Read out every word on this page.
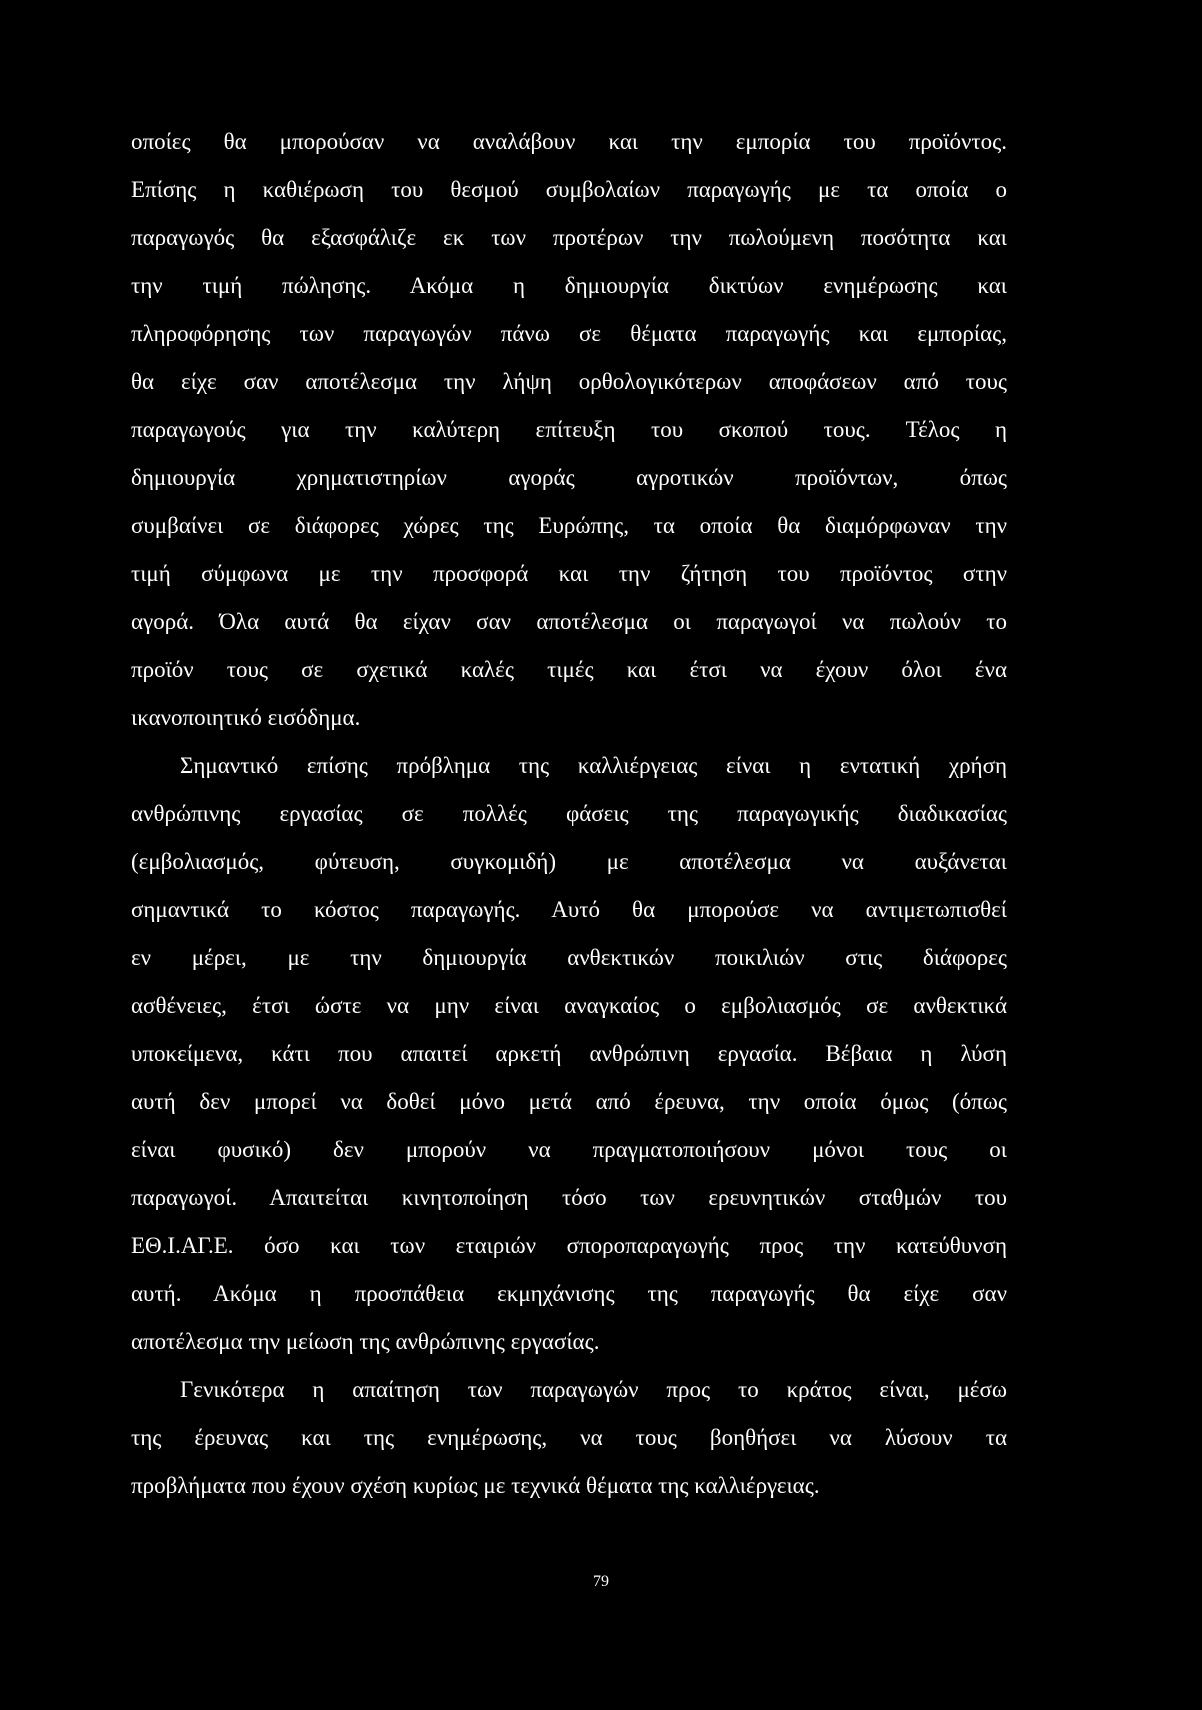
οποίες θα μπορούσαν να αναλάβουν και την εμπορία του προϊόντος.
Επίσης η καθιέρωση του θεσμού συμβολαίων παραγωγής με τα οποία ο
παραγωγός θα εξασφάλιζε εκ των προτέρων την πωλούμενη ποσότητα και
την τιμή πώλησης. Ακόμα η δημιουργία δικτύων ενημέρωσης και
πληροφόρησης των παραγωγών πάνω σε θέματα παραγωγής και εμπορίας,
θα είχε σαν αποτέλεσμα την λήψη ορθολογικότερων αποφάσεων από τους
παραγωγούς για την καλύτερη επίτευξη του σκοπού τους. Τέλος η
δημιουργία χρηματιστηρίων αγοράς αγροτικών προϊόντων, όπως
συμβαίνει σε διάφορες χώρες της Ευρώπης, τα οποία θα διαμόρφωναν την
τιμή σύμφωνα με την προσφορά και την ζήτηση του προϊόντος στην
αγορά. Όλα αυτά θα είχαν σαν αποτέλεσμα οι παραγωγοί να πωλούν το
προϊόν τους σε σχετικά καλές τιμές και έτσι να έχουν όλοι ένα
ικανοποιητικό εισόδημα.
Σημαντικό επίσης πρόβλημα της καλλιέργειας είναι η εντατική χρήση
ανθρώπινης εργασίας σε πολλές φάσεις της παραγωγικής διαδικασίας
(εμβολιασμός, φύτευση, συγκομιδή) με αποτέλεσμα να αυξάνεται
σημαντικά το κόστος παραγωγής. Αυτό θα μπορούσε να αντιμετωπισθεί
εν μέρει, με την δημιουργία ανθεκτικών ποικιλιών στις διάφορες
ασθένειες, έτσι ώστε να μην είναι αναγκαίος ο εμβολιασμός σε ανθεκτικά
υποκείμενα, κάτι που απαιτεί αρκετή ανθρώπινη εργασία. Βέβαια η λύση
αυτή δεν μπορεί να δοθεί μόνο μετά από έρευνα, την οποία όμως (όπως
είναι φυσικό) δεν μπορούν να πραγματοποιήσουν μόνοι τους οι
παραγωγοί. Απαιτείται κινητοποίηση τόσο των ερευνητικών σταθμών του
ΕΘ.Ι.ΑΓ.Ε. όσο και των εταιριών σποροπαραγωγής προς την κατεύθυνση
αυτή. Ακόμα η προσπάθεια εκμηχάνισης της παραγωγής θα είχε σαν
αποτέλεσμα την μείωση της ανθρώπινης εργασίας.
Γενικότερα η απαίτηση των παραγωγών προς το κράτος είναι, μέσω
της έρευνας και της ενημέρωσης, να τους βοηθήσει να λύσουν τα
προβλήματα που έχουν σχέση κυρίως με τεχνικά θέματα της καλλιέργειας.
79
